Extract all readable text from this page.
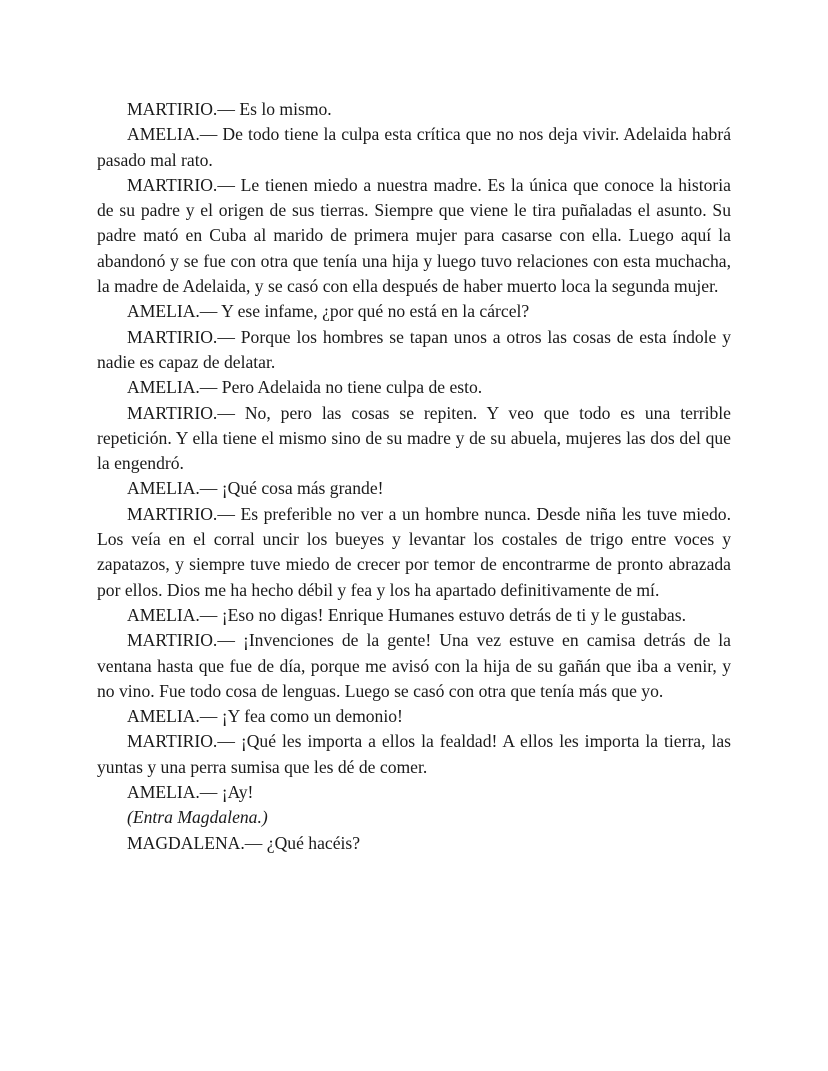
MARTIRIO.— Es lo mismo.

AMELIA.— De todo tiene la culpa esta crítica que no nos deja vivir. Adelaida habrá pasado mal rato.

MARTIRIO.— Le tienen miedo a nuestra madre. Es la única que conoce la historia de su padre y el origen de sus tierras. Siempre que viene le tira puñaladas el asunto. Su padre mató en Cuba al marido de primera mujer para casarse con ella. Luego aquí la abandonó y se fue con otra que tenía una hija y luego tuvo relaciones con esta muchacha, la madre de Adelaida, y se casó con ella después de haber muerto loca la segunda mujer.

AMELIA.— Y ese infame, ¿por qué no está en la cárcel?

MARTIRIO.— Porque los hombres se tapan unos a otros las cosas de esta índole y nadie es capaz de delatar.

AMELIA.— Pero Adelaida no tiene culpa de esto.

MARTIRIO.— No, pero las cosas se repiten. Y veo que todo es una terrible repetición. Y ella tiene el mismo sino de su madre y de su abuela, mujeres las dos del que la engendró.

AMELIA.— ¡Qué cosa más grande!

MARTIRIO.— Es preferible no ver a un hombre nunca. Desde niña les tuve miedo. Los veía en el corral uncir los bueyes y levantar los costales de trigo entre voces y zapatazos, y siempre tuve miedo de crecer por temor de encontrarme de pronto abrazada por ellos. Dios me ha hecho débil y fea y los ha apartado definitivamente de mí.

AMELIA.— ¡Eso no digas! Enrique Humanes estuvo detrás de ti y le gustabas.

MARTIRIO.— ¡Invenciones de la gente! Una vez estuve en camisa detrás de la ventana hasta que fue de día, porque me avisó con la hija de su gañán que iba a venir, y no vino. Fue todo cosa de lenguas. Luego se casó con otra que tenía más que yo.

AMELIA.— ¡Y fea como un demonio!

MARTIRIO.— ¡Qué les importa a ellos la fealdad! A ellos les importa la tierra, las yuntas y una perra sumisa que les dé de comer.

AMELIA.— ¡Ay!

(Entra Magdalena.)

MAGDALENA.— ¿Qué hacéis?
